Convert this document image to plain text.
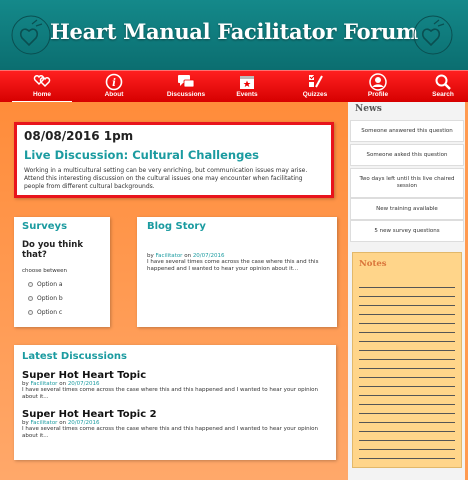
Heart Manual Facilitator Forum
Home
i
About	Discussions	Events	Quizzes	Profile	Search
08/08/2016 1pm
Live Discussion: Cultural Challenges
Working in a multicultural setting can be very enriching, but communication issues may arise. Attend this interesting discussion on the cultural issues one may encounter when facilitating people from different cultural backgrounds.
Surveys
Do you think that?
choose between
Option a
Option b
Option c
Blog Story
by Facilitator on 20/07/2016
I have several times come across the case where this and this happened and I wanted to hear your opinion about it...
Latest Discussions
Super Hot Heart Topic
by Facilitator on 20/07/2016
I have several times come across the case where this and this happened and I wanted to hear your opinion about it...
Super Hot Heart Topic 2
by Facilitator on 20/07/2016
I have several times come across the case where this and this happened and I wanted to hear your opinion about it...
News
Someone answered this question
Someone asked this question
Two days left until this live chaired session
New training available
5 new survey questions
Notes
